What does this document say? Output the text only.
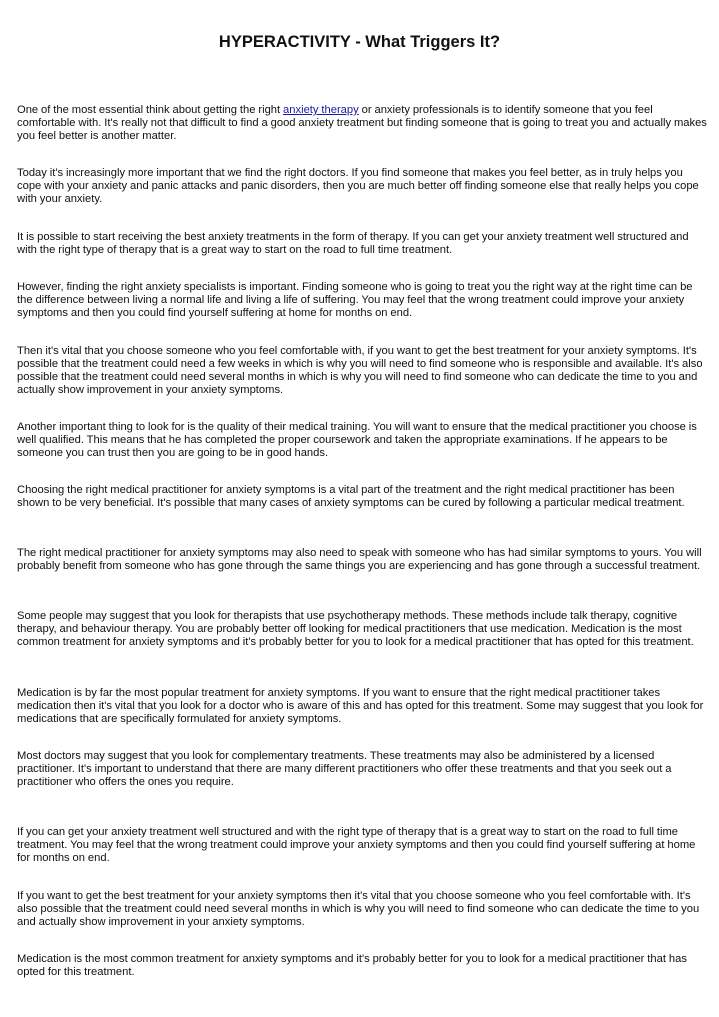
HYPERACTIVITY - What Triggers It?

One of the most essential think about getting the right anxiety therapy or anxiety professionals is to identify someone that you feel comfortable with. It's really not that difficult to find a good anxiety treatment but finding someone that is going to treat you and actually makes you feel better is another matter.

Today it's increasingly more important that we find the right doctors. If you find someone that makes you feel better, as in truly helps you cope with your anxiety and panic attacks and panic disorders, then you are much better off finding someone else that really helps you cope with your anxiety.

It is possible to start receiving the best anxiety treatments in the form of therapy. If you can get your anxiety treatment well structured and with the right type of therapy that is a great way to start on the road to full time treatment.

However, finding the right anxiety specialists is important. Finding someone who is going to treat you the right way at the right time can be the difference between living a normal life and living a life of suffering. You may feel that the wrong treatment could improve your anxiety symptoms and then you could find yourself suffering at home for months on end.

Then it's vital that you choose someone who you feel comfortable with, if you want to get the best treatment for your anxiety symptoms. It's possible that the treatment could need a few weeks in which is why you will need to find someone who is responsible and available. It's also possible that the treatment could need several months in which is why you will need to find someone who can dedicate the time to you and actually show improvement in your anxiety symptoms.

Another important thing to look for is the quality of their medical training. You will want to ensure that the medical practitioner you choose is well qualified. This means that he has completed the proper coursework and taken the appropriate examinations. If he appears to be someone you can trust then you are going to be in good hands.

Choosing the right medical practitioner for anxiety symptoms is a vital part of the treatment and the right medical practitioner has been shown to be very beneficial. It's possible that many cases of anxiety symptoms can be cured by following a particular medical treatment.

The right medical practitioner for anxiety symptoms may also need to speak with someone who has had similar symptoms to yours. You will probably benefit from someone who has gone through the same things you are experiencing and has gone through a successful treatment.

Some people may suggest that you look for therapists that use psychotherapy methods. These methods include talk therapy, cognitive therapy, and behaviour therapy. You are probably better off looking for medical practitioners that use medication. Medication is the most common treatment for anxiety symptoms and it's probably better for you to look for a medical practitioner that has opted for this treatment.

Medication is by far the most popular treatment for anxiety symptoms. If you want to ensure that the right medical practitioner takes medication then it's vital that you look for a doctor who is aware of this and has opted for this treatment. Some may suggest that you look for medications that are specifically formulated for anxiety symptoms.

Most doctors may suggest that you look for complementary treatments. These treatments may also be administered by a licensed practitioner. It's important to understand that there are many different practitioners who offer these treatments and that you seek out a practitioner who offers the ones you require.

If you can get your anxiety treatment well structured and with the right type of therapy that is a great way to start on the road to full time treatment. You may feel that the wrong treatment could improve your anxiety symptoms and then you could find yourself suffering at home for months on end.

If you want to get the best treatment for your anxiety symptoms then it's vital that you choose someone who you feel comfortable with. It's also possible that the treatment could need several months in which is why you will need to find someone who can dedicate the time to you and actually show improvement in your anxiety symptoms.

Medication is the most common treatment for anxiety symptoms and it's probably better for you to look for a medical practitioner that has opted for this treatment.
